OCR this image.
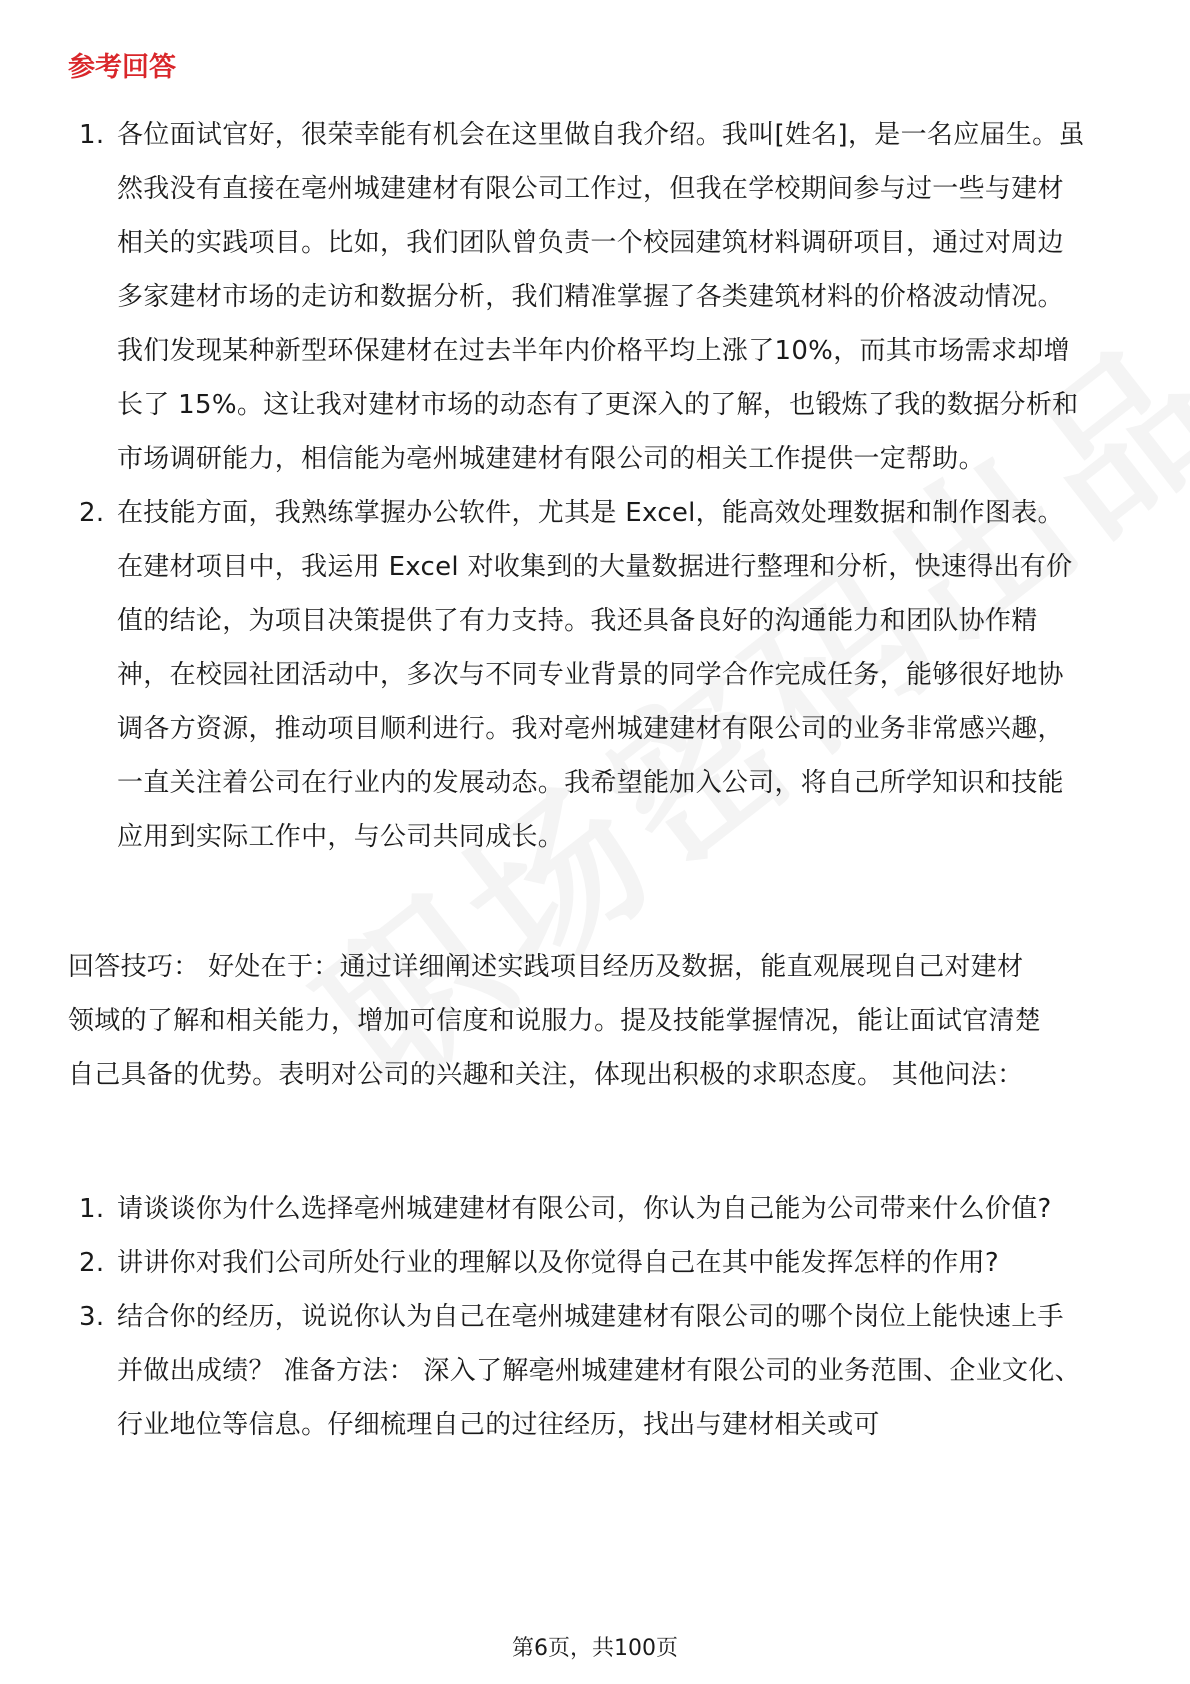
参考回答
1. 各位面试官好，很荣幸能有机会在这里做自我介绍。我叫[姓名]，是一名应届生。虽然我没有直接在亳州城建建材有限公司工作过，但我在学校期间参与过一些与建材相关的实践项目。比如，我们团队曾负责一个校园建筑材料调研项目，通过对周边多家建材市场的走访和数据分析，我们精准掌握了各类建筑材料的价格波动情况。我们发现某种新型环保建材在过去半年内价格平均上涨了10%，而其市场需求却增长了 15%。这让我对建材市场的动态有了更深入的了解，也锻炼了我的数据分析和市场调研能力，相信能为亳州城建建材有限公司的相关工作提供一定帮助。
2. 在技能方面，我熟练掌握办公软件，尤其是 Excel，能高效处理数据和制作图表。在建材项目中，我运用 Excel 对收集到的大量数据进行整理和分析，快速得出有价值的结论，为项目决策提供了有力支持。我还具备良好的沟通能力和团队协作精神，在校园社团活动中，多次与不同专业背景的同学合作完成任务，能够很好地协调各方资源，推动项目顺利进行。我对亳州城建建材有限公司的业务非常感兴趣，一直关注着公司在行业内的发展动态。我希望能加入公司，将自己所学知识和技能应用到实际工作中，与公司共同成长。
回答技巧： 好处在于：通过详细阐述实践项目经历及数据，能直观展现自己对建材领域的了解和相关能力，增加可信度和说服力。提及技能掌握情况，能让面试官清楚自己具备的优势。表明对公司的兴趣和关注，体现出积极的求职态度。 其他问法：
1. 请谈谈你为什么选择亳州城建建材有限公司，你认为自己能为公司带来什么价值?
2. 讲讲你对我们公司所处行业的理解以及你觉得自己在其中能发挥怎样的作用?
3. 结合你的经历，说说你认为自己在亳州城建建材有限公司的哪个岗位上能快速上手并做出成绩？ 准备方法： 深入了解亳州城建建材有限公司的业务范围、企业文化、行业地位等信息。仔细梳理自己的过往经历，找出与建材相关或可
第6页，共100页
